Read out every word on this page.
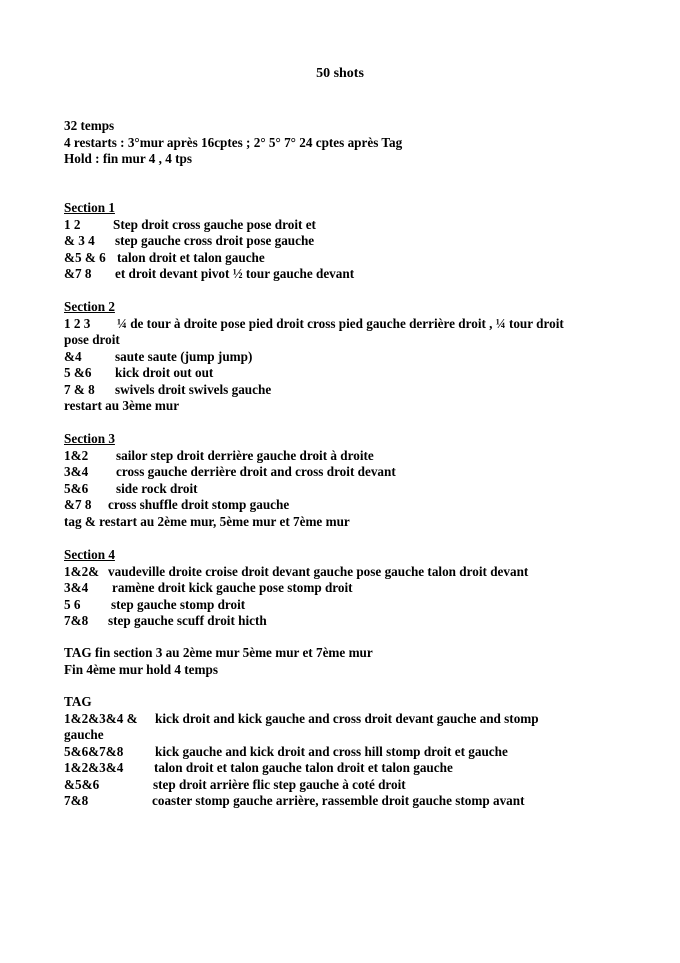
50 shots
32 temps
4 restarts : 3°mur après 16cptes ; 2° 5° 7° 24 cptes après Tag
Hold : fin mur 4 , 4 tps
Section 1
1 2 Step droit cross gauche pose droit et
& 3 4 step gauche cross droit pose gauche
&5 & 6 talon droit et talon gauche
&7 8 et droit devant pivot ½ tour gauche devant
Section 2
1 2 3 ¼ de tour à droite pose pied droit cross pied gauche derrière droit , ¼ tour droit
pose droit
&4	saute saute (jump jump)
5 &6 kick droit out out
7 & 8 swivels droit swivels gauche
restart au 3ème mur
Section 3
1&2 sailor step droit derrière gauche droit à droite
3&4 cross gauche derrière droit and cross droit devant
5&6 side rock droit
&7 8 cross shuffle droit stomp gauche
tag & restart au 2ème mur, 5ème mur et 7ème mur
Section 4
1&2& vaudeville droite croise droit devant gauche pose gauche talon droit devant
3&4 ramène droit kick gauche pose stomp droit
5 6 step gauche stomp droit
7&8 step gauche scuff droit hicth
TAG fin section 3 au 2ème mur 5ème mur et 7ème mur
Fin 4ème mur hold 4 temps
TAG
1&2&3&4 & kick droit and kick gauche and cross droit devant gauche and stomp
gauche
5&6&7&8 kick gauche and kick droit and cross hill stomp droit et gauche
1&2&3&4 talon droit et talon gauche talon droit et talon gauche
&5&6	step droit arrière flic step gauche à coté droit
7&8	coaster stomp gauche arrière, rassemble droit gauche stomp avant
